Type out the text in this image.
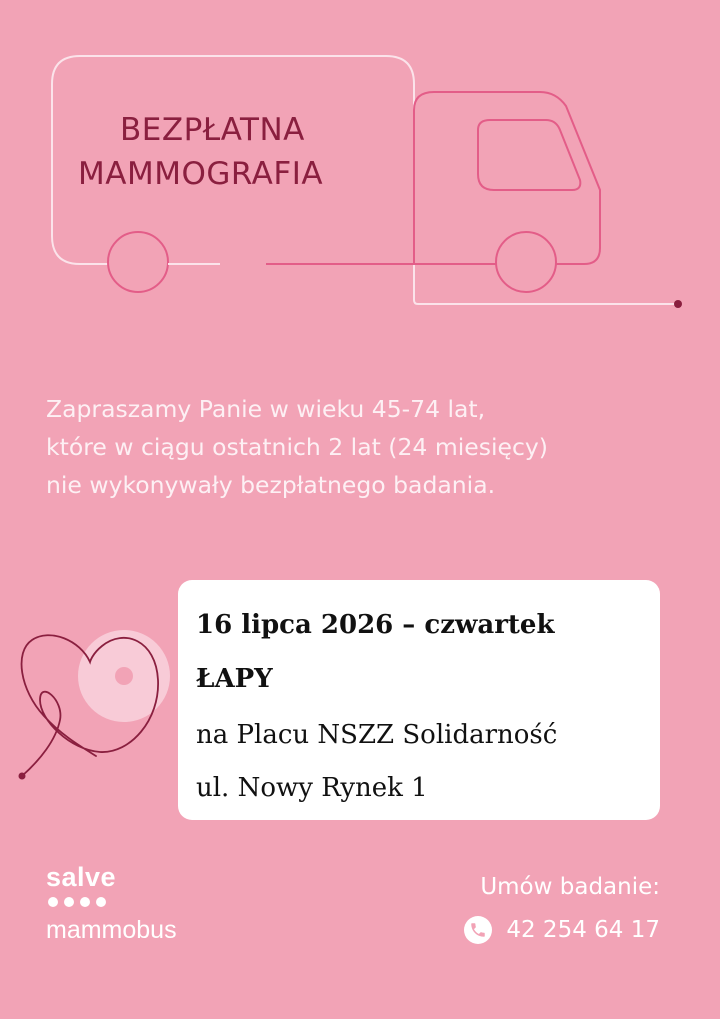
BEZPŁATNA
MAMMOGRAFIA
Zapraszamy Panie w wieku 45-74 lat,
które w ciągu ostatnich 2 lat (24 miesięcy)
nie wykonywały bezpłatnego badania.
16 lipca 2026 – czwartek
ŁAPY
na Placu NSZZ Solidarność
ul. Nowy Rynek 1
salve
mammobus
Umów badanie:
42 254 64 17
